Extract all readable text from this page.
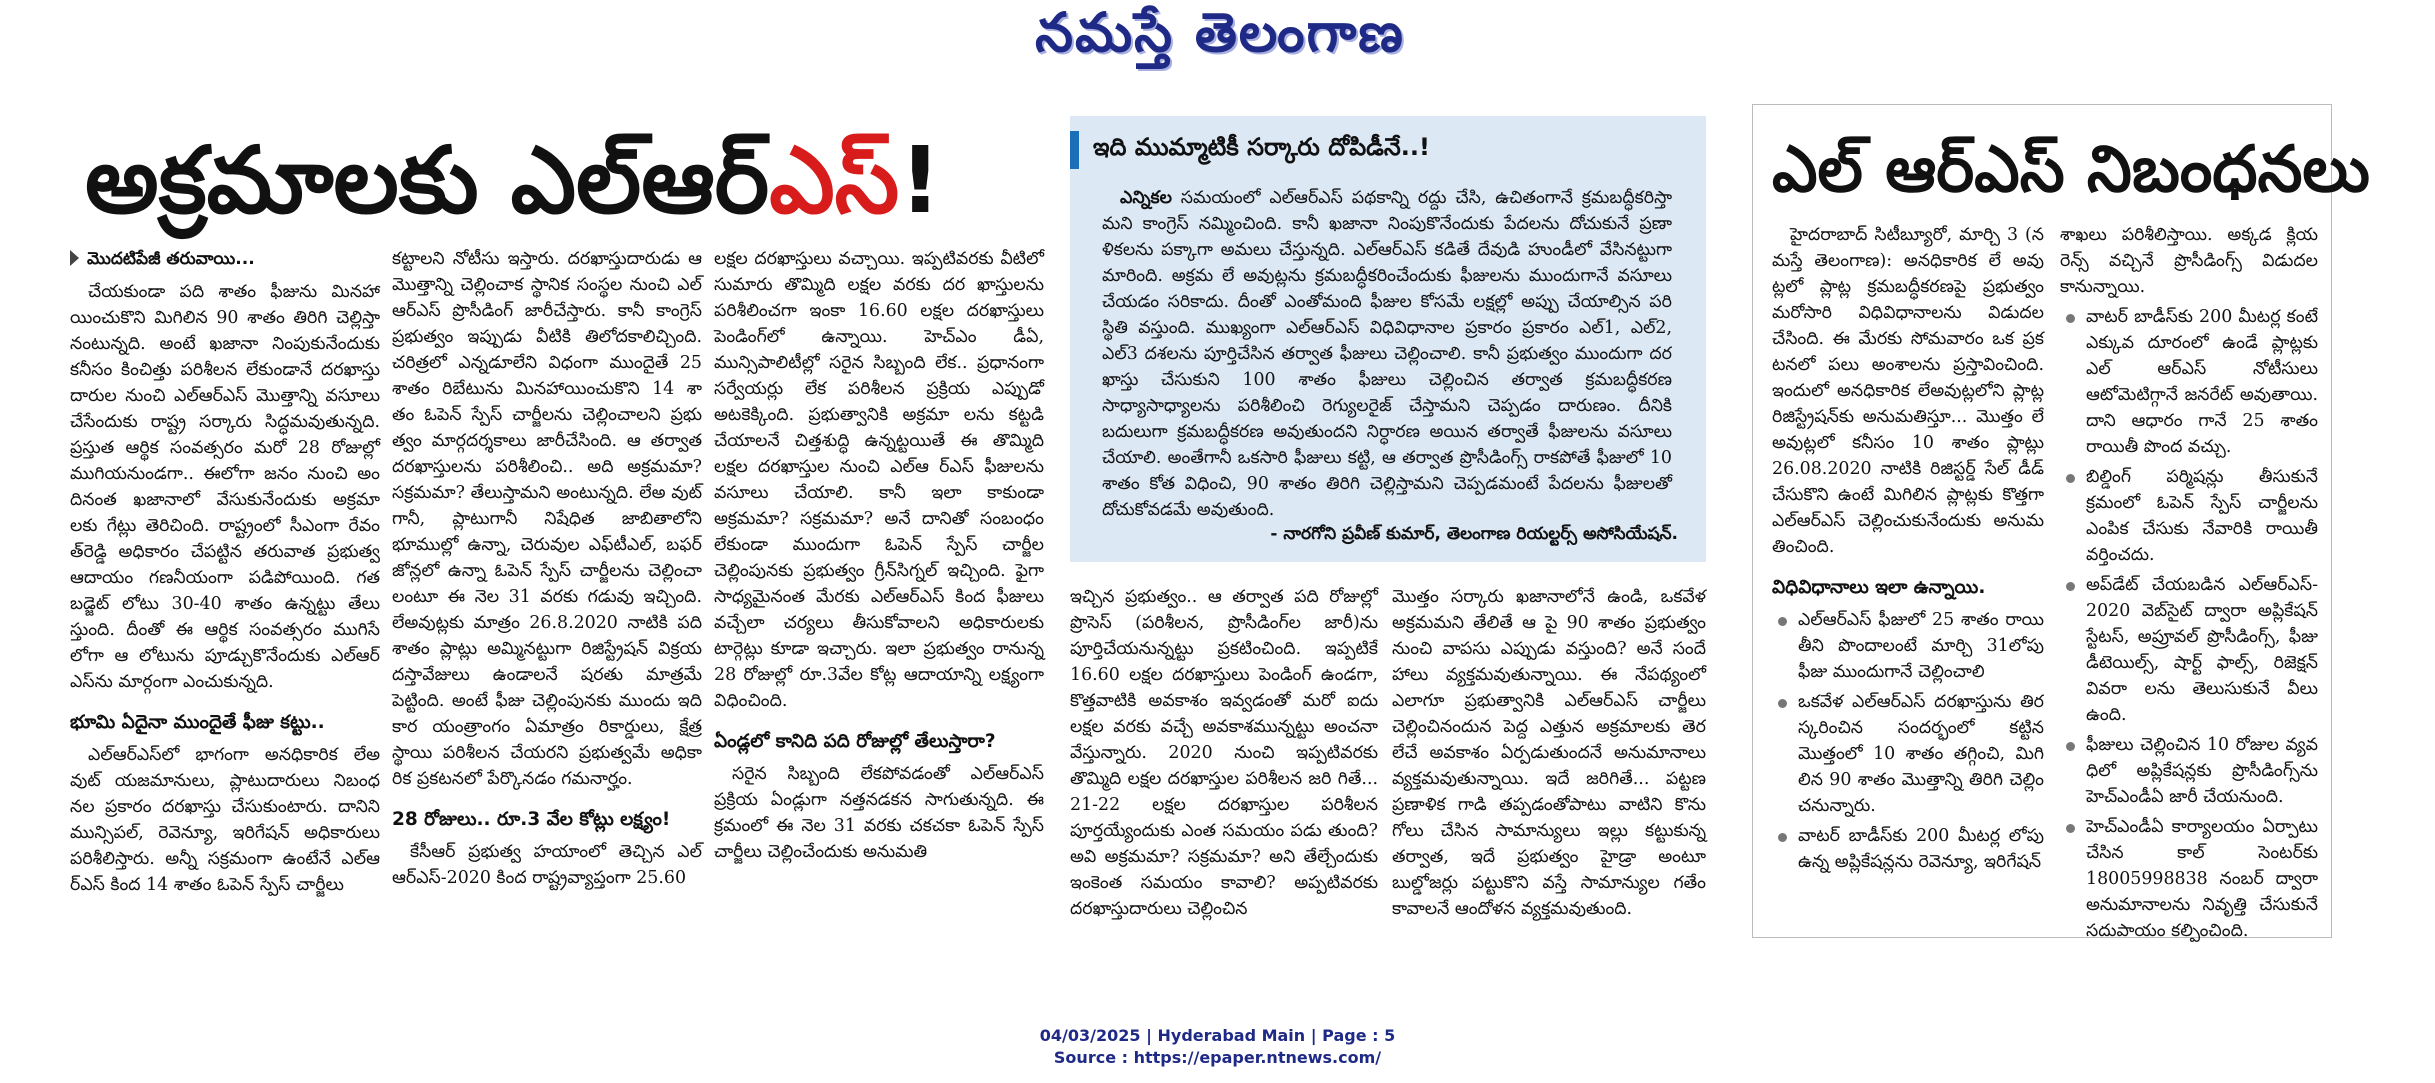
నమస్తే తెలంగాణ
అక్రమాలకు ఎల్‌ఆర్‌ఎస్!

మొదటిపేజీ తరువాయి...

చేయకుండా పది శాతం ఫీజును మినహా యించుకొని మిగిలిన 90 శాతం తిరిగి చెల్లిస్తా నంటున్నది. అంటే ఖజానా నింపుకునేందుకు కనీసం కించిత్తు పరిశీలన లేకుండానే దరఖాస్తు దారుల నుంచి ఎల్‌ఆర్‌ఎస్ మొత్తాన్ని వసూలు చేసేందుకు రాష్ట్ర సర్కారు సిద్ధమవుతున్నది. ప్రస్తుత ఆర్థిక సంవత్సరం మరో 28 రోజుల్లో ముగియనుండగా.. ఈలోగా జనం నుంచి అం దినంత ఖజానాలో వేసుకునేందుకు అక్రమా లకు గేట్లు తెరిచింది. రాష్ట్రంలో సీఎంగా రేవం త్‌రెడ్డి అధికారం చేపట్టిన తరువాత ప్రభుత్వ ఆదాయం గణనీయంగా పడిపోయింది. గత బడ్జెట్ లోటు 30-40 శాతం ఉన్నట్టు తేలు స్తుంది. దీంతో ఈ ఆర్థిక సంవత్సరం ముగిసే లోగా ఆ లోటును పూడ్చుకొనేందుకు ఎల్‌ఆర్ ఎస్‌ను మార్గంగా ఎంచుకున్నది.

భూమి ఏదైనా ముందైతే ఫీజు కట్టు..

ఎల్‌ఆర్‌ఎస్‌లో భాగంగా అనధికారిక లేఅ వుట్ యజమానులు, ప్లాటుదారులు నిబంధ నల ప్రకారం దరఖాస్తు చేసుకుంటారు. దానిని మున్సిపల్, రెవెన్యూ, ఇరిగేషన్ అధికారులు పరిశీలిస్తారు. అన్నీ సక్రమంగా ఉంటేనే ఎల్‌ఆ ర్‌ఎస్ కింద 14 శాతం ఓపెన్ స్పేస్ చార్జీలు

కట్టాలని నోటీసు ఇస్తారు. దరఖాస్తుదారుడు ఆ మొత్తాన్ని చెల్లించాక స్థానిక సంస్థల నుంచి ఎల్ ఆర్‌ఎస్ ప్రొసీడింగ్ జారీచేస్తారు. కానీ కాంగ్రెస్ ప్రభుత్వం ఇప్పుడు వీటికి తిలోదకాలిచ్చింది. చరిత్రలో ఎన్నడూలేని విధంగా ముందైతే 25 శాతం రిబేటును మినహాయించుకొని 14 శా తం ఓపెన్ స్పేస్ చార్జీలను చెల్లించాలని ప్రభు త్వం మార్గదర్శకాలు జారీచేసింది. ఆ తర్వాత దరఖాస్తులను పరిశీలించి.. అది అక్రమమా? సక్రమమా? తేలుస్తామని అంటున్నది. లేఅ వుట్ గానీ, ప్లాటుగానీ నిషేధిత జాబితాలోని భూముల్లో ఉన్నా, చెరువుల ఎఫ్‌టీఎల్, బఫర్ జోన్లలో ఉన్నా ఓపెన్ స్పేస్ చార్జీలను చెల్లించా లంటూ ఈ నెల 31 వరకు గడువు ఇచ్చింది. లేఅవుట్లకు మాత్రం 26.8.2020 నాటికి పది శాతం ప్లాట్లు అమ్మినట్టుగా రిజిస్ట్రేషన్ విక్రయ దస్తావేజులు ఉండాలనే షరతు మాత్రమే పెట్టింది. అంటే ఫీజు చెల్లింపునకు ముందు ఇది కార యంత్రాంగం ఏమాత్రం రికార్డులు, క్షేత్ర స్థాయి పరిశీలన చేయరని ప్రభుత్వమే అధికా రిక ప్రకటనలో పేర్కొనడం గమనార్హం.

28 రోజులు.. రూ.3 వేల కోట్లు లక్ష్యం!

కేసీఆర్ ప్రభుత్వ హయాంలో తెచ్చిన ఎల్ ఆర్‌ఎస్-2020 కింద రాష్ట్రవ్యాప్తంగా 25.60

లక్షల దరఖాస్తులు వచ్చాయి. ఇప్పటివరకు వీటిలో సుమారు తొమ్మిది లక్షల వరకు దర ఖాస్తులను పరిశీలించగా ఇంకా 16.60 లక్షల దరఖాస్తులు పెండింగ్‌లో ఉన్నాయి. హెచ్‌ఎం డీఏ, మున్సిపాలిటీల్లో సరైన సిబ్బంది లేక.. ప్రధానంగా సర్వేయర్లు లేక పరిశీలన ప్రక్రియ ఎప్పుడో అటకెక్కింది. ప్రభుత్వానికి అక్రమా లను కట్టడి చేయాలనే చిత్తశుద్ధి ఉన్నట్టయితే ఈ తొమ్మిది లక్షల దరఖాస్తుల నుంచి ఎల్‌ఆ ర్‌ఎస్ ఫీజులను వసూలు చేయాలి. కానీ ఇలా కాకుండా అక్రమమా? సక్రమమా? అనే దానితో సంబంధం లేకుండా ముందుగా ఓపెన్ స్పేస్ చార్జీల చెల్లింపునకు ప్రభుత్వం గ్రీన్‌సిగ్నల్ ఇచ్చింది. ఫైగా సాధ్యమైనంత మేరకు ఎల్‌ఆర్‌ఎస్ కింద ఫీజులు వచ్చేలా చర్యలు తీసుకోవాలని అధికారులకు టార్గెట్లు కూడా ఇచ్చారు. ఇలా ప్రభుత్వం రానున్న 28 రోజుల్లో రూ.3వేల కోట్ల ఆదాయాన్ని లక్ష్యంగా విధించింది.

ఏండ్లలో కానిది పది రోజుల్లో తేలుస్తారా?

సరైన సిబ్బంది లేకపోవడంతో ఎల్‌ఆర్‌ఎస్ ప్రక్రియ ఏండ్లుగా నత్తనడకన సాగుతున్నది. ఈ క్రమంలో ఈ నెల 31 వరకు చకచకా ఓపెన్ స్పేస్ చార్జీలు చెల్లించేందుకు అనుమతి

ఇది ముమ్మాటికీ సర్కారు దోపిడీనే..!

ఎన్నికల సమయంలో ఎల్‌ఆర్‌ఎస్ పథకాన్ని రద్దు చేసి, ఉచితంగానే క్రమబద్ధీకరిస్తా మని కాంగ్రెస్ నమ్మించింది. కానీ ఖజానా నింపుకొనేందుకు పేదలను దోచుకునే ప్రణా ళికలను పక్కాగా అమలు చేస్తున్నది. ఎల్‌ఆర్‌ఎస్ కడితే దేవుడి హుండీలో వేసినట్టుగా మారింది. అక్రమ లే అవుట్లను క్రమబద్ధీకరించేందుకు ఫీజులను ముందుగానే వసూలు చేయడం సరికాదు. దీంతో ఎంతోమంది ఫీజుల కోసమే లక్షల్లో అప్పు చేయాల్సిన పరి స్థితి వస్తుంది. ముఖ్యంగా ఎల్‌ఆర్‌ఎస్ విధివిధానాల ప్రకారం ప్రకారం ఎల్‌1, ఎల్‌2, ఎల్‌3 దశలను పూర్తిచేసిన తర్వాత ఫీజులు చెల్లించాలి. కానీ ప్రభుత్వం ముందుగా దర ఖాస్తు చేసుకుని 100 శాతం ఫీజులు చెల్లించిన తర్వాత క్రమబద్ధీకరణ సాధ్యాసాధ్యాలను పరిశీలించి రెగ్యులరైజ్ చేస్తామని చెప్పడం దారుణం. దీనికి బదులుగా క్రమబద్ధీకరణ అవుతుందని నిర్ధారణ అయిన తర్వాతే ఫీజులను వసూలు చేయాలి. అంతేగానీ ఒకసారి ఫీజులు కట్టి, ఆ తర్వాత ప్రొసీడింగ్స్ రాకపోతే ఫీజులో 10 శాతం కోత విధించి, 90 శాతం తిరిగి చెల్లిస్తామని చెప్పడమంటే పేదలను ఫీజులతో దోచుకోవడమే అవుతుంది.

- నారగోని ప్రవీణ్ కుమార్, తెలంగాణ రియల్టర్స్ అసోసియేషన్.

ఇచ్చిన ప్రభుత్వం.. ఆ తర్వాత పది రోజుల్లో ప్రొసెస్ (పరిశీలన, ప్రొసీడింగ్‌ల జారీ)ను పూర్తిచేయనున్నట్టు ప్రకటించింది. ఇప్పటికే 16.60 లక్షల దరఖాస్తులు పెండింగ్ ఉండగా, కొత్తవాటికి అవకాశం ఇవ్వడంతో మరో ఐదు లక్షల వరకు వచ్చే అవకాశమున్నట్టు అంచనా వేస్తున్నారు. 2020 నుంచి ఇప్పటివరకు తొమ్మిది లక్షల దరఖాస్తుల పరిశీలన జరి గితే... 21-22 లక్షల దరఖాస్తుల పరిశీలన పూర్తయ్యేందుకు ఎంత సమయం పడు తుంది? అవి అక్రమమా? సక్రమమా? అని తేల్చేందుకు ఇంకెంత సమయం కావాలి? అప్పటివరకు దరఖాస్తుదారులు చెల్లించిన

మొత్తం సర్కారు ఖజానాలోనే ఉండి, ఒకవేళ అక్రమమని తేలితే ఆ పై 90 శాతం ప్రభుత్వం నుంచి వాపసు ఎప్పుడు వస్తుంది? అనే సందే హాలు వ్యక్తమవుతున్నాయి. ఈ నేపథ్యంలో ఎలాగూ ప్రభుత్వానికి ఎల్‌ఆర్‌ఎస్ చార్జీలు చెల్లించినందున పెద్ద ఎత్తున అక్రమాలకు తెర లేచే అవకాశం ఏర్పడుతుందనే అనుమానాలు వ్యక్తమవుతున్నాయి. ఇదే జరిగితే... పట్టణ ప్రణాళిక గాడి తప్పడంతోపాటు వాటిని కొను గోలు చేసిన సామాన్యులు ఇల్లు కట్టుకున్న తర్వాత, ఇదే ప్రభుత్వం హైడ్రా అంటూ బుల్డోజర్లు పట్టుకొని వస్తే సామాన్యుల గతేం కావాలనే ఆందోళన వ్యక్తమవుతుంది.

ఎల్ ఆర్‌ఎస్ నిబంధనలు

హైదరాబాద్ సిటీబ్యూరో, మార్చి 3 (న మస్తే తెలంగాణ): అనధికారిక లే అవు ట్లలో ప్లాట్ల క్రమబద్ధీకరణపై ప్రభుత్వం మరోసారి విధివిధానాలను విడుదల చేసింది. ఈ మేరకు సోమవారం ఒక ప్రక టనలో పలు అంశాలను ప్రస్తావించింది. ఇందులో అనధికారిక లేఅవుట్లలోని ప్లాట్ల రిజిస్ట్రేషన్‌కు అనుమతిస్తూ... మొత్తం లే అవుట్లలో కనీసం 10 శాతం ప్లాట్లు 26.08.2020 నాటికి రిజిస్టర్డ్ సేల్ డీడ్ చేసుకొని ఉంటే మిగిలిన ప్లాట్లకు కొత్తగా ఎల్‌ఆర్‌ఎస్ చెల్లించుకునేందుకు అనుమ తించింది.

విధివిధానాలు ఇలా ఉన్నాయి.

ఎల్‌ఆర్‌ఎస్ ఫీజులో 25 శాతం రాయి తీని పొందాలంటే మార్చి 31లోపు ఫీజు ముందుగానే చెల్లించాలి
ఒకవేళ ఎల్‌ఆర్‌ఎస్ దరఖాస్తును తిర స్కరించిన సందర్భంలో కట్టిన మొత్తంలో 10 శాతం తగ్గించి, మిగి లిన 90 శాతం మొత్తాన్ని తిరిగి చెల్లిం చనున్నారు.
వాటర్ బాడీస్‌కు 200 మీటర్ల లోపు ఉన్న అప్లికేషన్లను రెవెన్యూ, ఇరిగేషన్

శాఖలు పరిశీలిస్తాయి. అక్కడ క్లియ రెన్స్ వచ్చినే ప్రొసీడింగ్స్ విడుదల కానున్నాయి.

వాటర్ బాడీస్‌కు 200 మీటర్ల కంటే ఎక్కువ దూరంలో ఉండే ప్లాట్లకు ఎల్ ఆర్‌ఎస్ నోటీసులు ఆటోమెటిగ్గానే జనరేట్ అవుతాయి. దాని ఆధారం గానే 25 శాతం రాయితీ పొంద వచ్చు.
బిల్డింగ్ పర్మిషన్లు తీసుకునే క్రమంలో ఓపెన్ స్పేస్ చార్జీలను ఎంపిక చేసుకు నేవారికి రాయితీ వర్తించదు.
అప్‌డేట్ చేయబడిన ఎల్‌ఆర్‌ఎస్- 2020 వెబ్‌సైట్ ద్వారా అప్లికేషన్ స్టేటస్, అప్రూవల్ ప్రొసీడింగ్స్, ఫీజు డీటెయిల్స్, షార్ట్ ఫాల్స్, రిజెక్షన్ వివరా లను తెలుసుకునే వీలు ఉంది.
ఫీజులు చెల్లించిన 10 రోజుల వ్యవ ధిలో అప్లికేషన్లకు ప్రొసీడింగ్స్‌ను హెచ్‌ఎండీఏ జారీ చేయనుంది.
హెచ్‌ఎండీఏ కార్యాలయం ఏర్పాటు చేసిన కాల్ సెంటర్‌కు 18005998838 నంబర్ ద్వారా అనుమానాలను నివృత్తి చేసుకునే సదుపాయం కల్పించింది.
04/03/2025 | Hyderabad Main | Page : 5
Source : https://epaper.ntnews.com/
